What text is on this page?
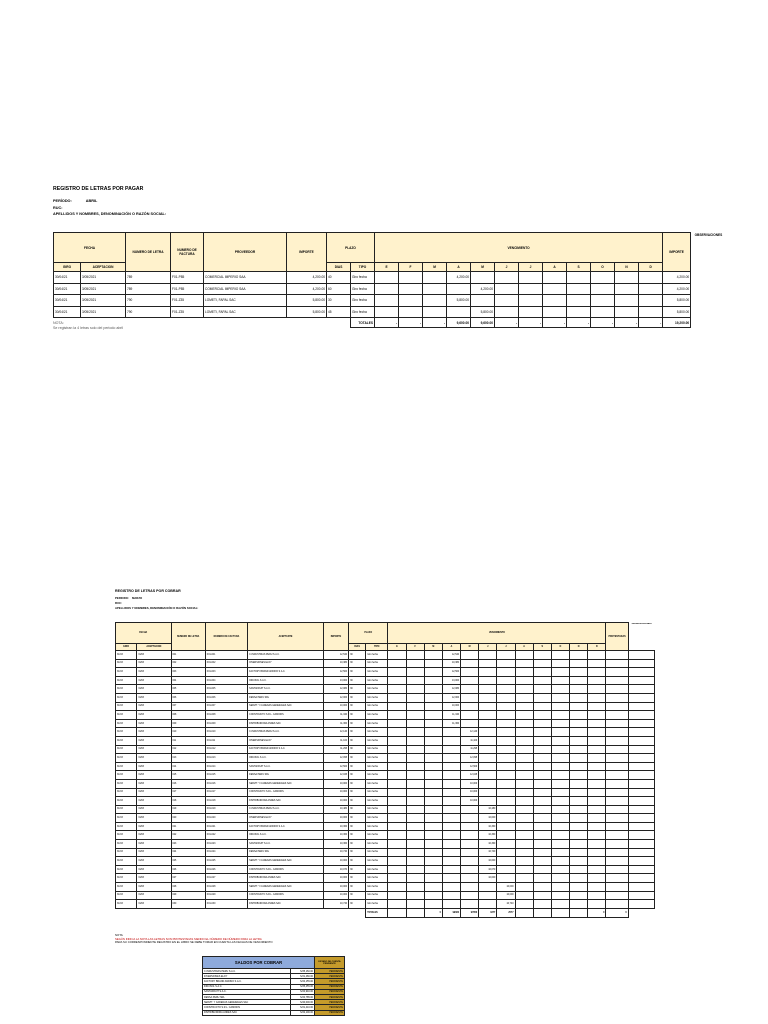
REGISTRO DE LETRAS POR PAGAR
PERÍODO:	ABRIL
RUC:
APELLIDOS Y NOMBRES, DENOMINACIÓN O RAZÓN SOCIAL:
FECHA		NUMERO DE LETRA	NUMERO DE FACTURA	PROVEEDOR	IMPORTE	PLAZO		VENCIMIENTO												IMPORTE	OBSERVACIONES	
GIRO	ACEPTACION					DIAS	TIPO	E	F	M	A	M	J	J	A	S	O	N	D			
30/04/21	3/05/2021	789	F01-P85	COMERCIAL IMPERIO SAA	4,200.00	40	Giro fecha				4,200.00									4,200.00		
30/04/21	3/05/2021	789	F01-P85	COMERCIAL IMPERIO SAA	4,200.00	60	Giro fecha					4,200.00								4,200.00		
30/04/21	3/05/2021	790	F01-Z35	LOMETI, FAPAL SAC	5,800.00	30	Giro fecha				5,800.00									5,800.00		
30/04/21	3/05/2021	790	F01-Z35	LOMETI, FAPAL SAC	5,800.00	45	Giro fecha					5,800.00								5,800.00		
							TOTALES	-	-	-	9,600.00	9,600.00	-	-	-	-	-	-	-	19,200.00		
NOTA:
Se registran la 4 letras solo del periodo abril
REGISTRO DE LETRAS POR COBRAR
PERIODO: MARZO
RUC:
APELLIDOS Y NOMBRES, DENOMINACIÓN O RAZÓN SOCIAL:
FECHA		NUMERO DE LETRA	NUMERO DE FACTURA	ACEPTANTE	IMPORTE	PLAZO		VENCIMIENTO												PROTESTADAS	OBSERVACIONES
GIRO	ACEPTACION					DIAS	TIPO	E	F	M	A	M	J	J	A	S	O	N	D		
31/03	31/03	001	F01-001	C.INDUSTRIAS PERU S.A.C.	12,540	30	Giro fecha				12,540										
31/03	31/03	002	F01-002	INVERSIONES ELOY	10,380	30	Giro fecha				10,380										
31/03	31/03	003	F01-003	FACTORY BRAND ANDINO S.A.C.	12,500	30	Giro fecha				12,500										
31/03	31/03	004	F01-004	INDUSOL S.A.C.	13,000	30	Giro fecha				13,000										
31/03	31/03	005	F01-005	SANTAFRUIT S.A.C.	12,080	30	Giro fecha				12,080										
31/03	31/03	006	F01-006	DENSA PERU SRL	12,000	30	Giro fecha				12,000										
31/03	31/03	007	F01-007	SERVIT. Y CADENAS GENERALES SAC	10,000	30	Giro fecha				10,000										
31/03	31/03	008	F01-008	CONSTRUCTO S.R.L. CAMINOS	11,340	30	Giro fecha				11,340										
31/03	31/03	009	F01-009	DISTRIBUIDORA ANDES SAC	11,360	30	Giro fecha				11,360										
31/03	31/03	010	F01-010	C.INDUSTRIAS PERU S.A.C.	12,140	30	Giro fecha					12,140									
31/03	31/03	011	F01-011	INVERSIONES ELOY	11,100	30	Giro fecha					11,100									
31/03	31/03	012	F01-012	FACTORY BRAND ANDINO S.A.C.	11,295	30	Giro fecha					11,295									
31/03	31/03	013	F01-013	INDUSOL S.A.C.	12,095	30	Giro fecha					12,095									
31/03	31/03	014	F01-014	SANTAFRUIT S.A.C.	12,500	30	Giro fecha					12,500									
31/03	31/03	015	F01-015	DENSA PERU SRL	12,045	30	Giro fecha					12,045									
31/03	31/03	016	F01-016	SERVIT. Y CADENAS GENERALES SAC	10,000	30	Giro fecha					10,000									
31/03	31/03	017	F01-017	CONSTRUCTO S.R.L. CAMINOS	10,000	30	Giro fecha					10,000									
31/03	31/03	018	F01-018	DISTRIBUIDORA ANDES SAC	10,000	30	Giro fecha					10,000									
31/03	31/03	019	F01-019	C.INDUSTRIAS PERU S.A.C.	10,480	30	Giro fecha						10,480								
31/03	31/03	020	F01-020	INVERSIONES ELOY	10,000	30	Giro fecha						10,000								
31/03	31/03	021	F01-021	FACTORY BRAND ANDINO S.A.C.	10,360	30	Giro fecha						10,360								
31/03	31/03	022	F01-022	INDUSOL S.A.C.	10,360	30	Giro fecha						10,360								
31/03	31/03	023	F01-023	SANTAFRUIT S.A.C.	10,360	30	Giro fecha						10,360								
31/03	31/03	024	F01-024	DENSA PERU SRL	10,740	30	Giro fecha						10,740								
31/03	31/03	025	F01-025	SERVIT. Y CADENAS GENERALES SAC	10,000	30	Giro fecha						10,000								
31/03	31/03	026	F01-026	CONSTRUCTO S.R.L. CAMINOS	10,070	30	Giro fecha						10,070								
31/03	31/03	027	F01-027	DISTRIBUIDORA ANDES SAC	10,000	30	Giro fecha						10,000								
31/03	31/03	028	F01-028	SERVIT. Y CADENAS GENERALES SAC	10,000	30	Giro fecha							10,000							
31/03	31/03	029	F01-029	CONSTRUCTO S.R.L. CAMINOS	10,000	30	Giro fecha							10,000							
31/03	31/03	030	F01-030	DISTRIBUIDORA ANDES SAC	10,740	30	Giro fecha							10,740							
							TOTALES			0	99660	97850	1877	2577					0	0	
NOTA:
SEGÚN INDICA LA NOTA LAS LETRAS SON PROTESTADAS SIENDO EL NÚMERO DE NÚMERO PARA LA LETRA
PARA SU CORRESPONDIENTE REGISTRO EN EL LIBRO SE DEBE TOMAR EN CUENTA LAS FECHAS DE VENCIMIENTO
SALDOS POR COBRAR		ESTADO DE CUENTA PENDIENTE
C.INDUSTRIAS PERU S.A.C.	S/35,160.00	PENDIENTE
INVERSIONES ELOY	S/31,480.00	PENDIENTE
FACTORY BRAND ANDINO S.A.C.	S/34,155.00	PENDIENTE
INDUSOL S.A.C.	S/35,455.00	PENDIENTE
SANTAFRUIT S.A.C.	S/34,940.00	PENDIENTE
DENSA PERU SRL	S/34,785.00	PENDIENTE
SERVIT. Y CADENAS GENERALES SAC	S/40,000.00	PENDIENTE
CONSTRUCTO S.R.L. CAMINOS	S/31,410.00	PENDIENTE
DISTRIBUIDORA ANDES SAC	S/32,100.00	PENDIENTE
